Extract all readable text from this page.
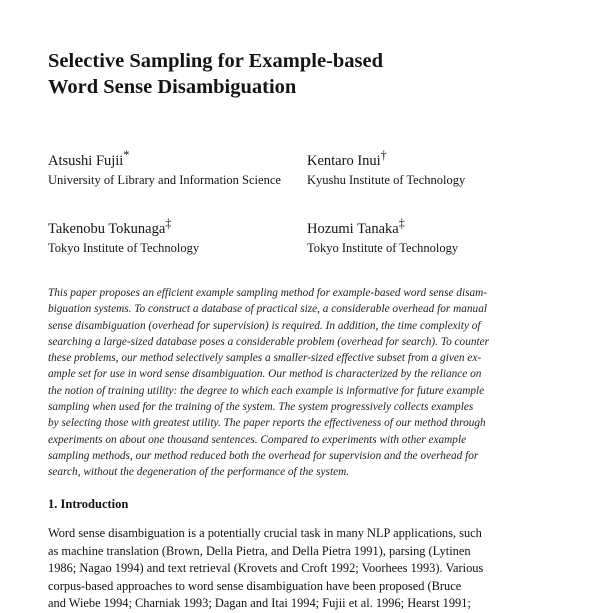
Selective Sampling for Example-based
Word Sense Disambiguation
Atsushi Fujii*
University of Library and Information Science
Kentaro Inui†
Kyushu Institute of Technology
Takenobu Tokunaga‡
Tokyo Institute of Technology
Hozumi Tanaka‡
Tokyo Institute of Technology
This paper proposes an efficient example sampling method for example-based word sense disam-
biguation systems. To construct a database of practical size, a considerable overhead for manual
sense disambiguation (overhead for supervision) is required. In addition, the time complexity of
searching a large-sized database poses a considerable problem (overhead for search). To counter
these problems, our method selectively samples a smaller-sized effective subset from a given ex-
ample set for use in word sense disambiguation. Our method is characterized by the reliance on
the notion of training utility: the degree to which each example is informative for future example
sampling when used for the training of the system. The system progressively collects examples
by selecting those with greatest utility. The paper reports the effectiveness of our method through
experiments on about one thousand sentences. Compared to experiments with other example
sampling methods, our method reduced both the overhead for supervision and the overhead for
search, without the degeneration of the performance of the system.
1. Introduction
Word sense disambiguation is a potentially crucial task in many NLP applications, such
as machine translation (Brown, Della Pietra, and Della Pietra 1991), parsing (Lytinen
1986; Nagao 1994) and text retrieval (Krovets and Croft 1992; Voorhees 1993). Various
corpus-based approaches to word sense disambiguation have been proposed (Bruce
and Wiebe 1994; Charniak 1993; Dagan and Itai 1994; Fujii et al. 1996; Hearst 1991;
